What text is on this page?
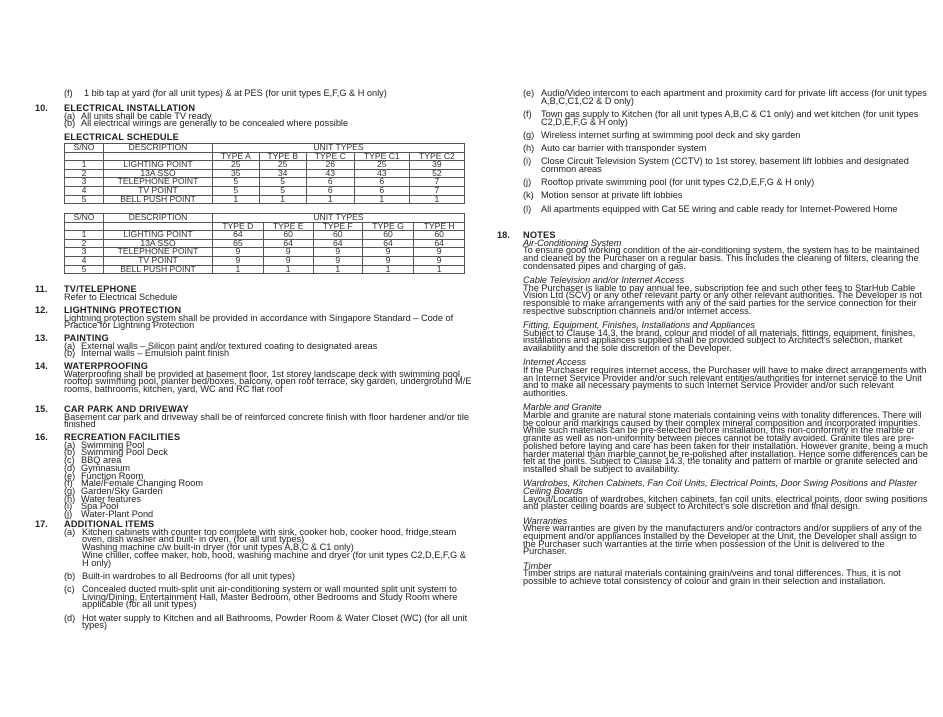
(f)	1 bib tap at yard (for all unit types) & at PES (for unit types E,F,G & H only)
10. ELECTRICAL INSTALLATION
(a) All units shall be cable TV ready
(b) All electrical wirings are generally to be concealed where possible
ELECTRICAL SCHEDULE
S/NO	DESCRIPTION	UNIT TYPES				
		TYPE A	TYPE B	TYPE C	TYPE C1	TYPE C2
1	LIGHTING POINT	25	25	26	25	39
2	13A SSO	35	34	43	43	52
3	TELEPHONE POINT	5	5	6	6	7
4	TV POINT	5	5	6	6	7
5	BELL PUSH POINT	1	1	1	1	1
S/NO	DESCRIPTION	UNIT TYPES				
		TYPE D	TYPE E	TYPE F	TYPE G	TYPE H
1	LIGHTING POINT	64	60	60	60	60
2	13A SSO	65	64	64	64	64
3	TELEPHONE POINT	9	9	9	9	9
4	TV POINT	9	9	9	9	9
5	BELL PUSH POINT	1	1	1	1	1
11. TV/TELEPHONE

Refer to Electrical Schedule

12. LIGHTNING PROTECTION

Lightning protection system shall be provided in accordance with Singapore Standard – Code of Practice for Lightning Protection

13. PAINTING
(a) External walls – Silicon paint and/or textured coating to designated areas
(b) Internal walls – Emulsion paint finish
14. WATERPROOFING

Waterproofing shall be provided at basement floor, 1st storey landscape deck with swimming pool, rooftop swimming pool, planter bed/boxes, balcony, open roof terrace, sky garden, underground M/E rooms, bathrooms, kitchen, yard, WC and RC flat roof

15. CAR PARK AND DRIVEWAY

Basement car park and driveway shall be of reinforced concrete finish with floor hardener and/or tile finished

16. RECREATION FACILITIES
(a) Swimming Pool
(b) Swimming Pool Deck
(c) BBQ area
(d) Gymnasium
(e) Function Room
(f) Male/Female Changing Room
(g) Garden/Sky Garden
(h) Water features
(i) Spa Pool
(j) Water-Plant Pond
17. ADDITIONAL ITEMS
(a) Kitchen cabinets with counter top complete with sink, cooker hob, cooker hood, fridge,steam oven, dish washer and built- in oven, (for all unit types)

Washing machine c/w built-in dryer (for unit types A,B,C & C1 only)

Wine chiller, coffee maker, hob, hood, washing machine and dryer (for unit types C2,D,E,F,G & H only)

(b) Built-in wardrobes to all Bedrooms (for all unit types)

(c) Concealed ducted multi-split unit air-conditioning system or wall mounted split unit system to Living/Dining, Entertainment Hall, Master Bedroom, other Bedrooms and Study Room where applicable (for all unit types)

(d) Hot water supply to Kitchen and all Bathrooms, Powder Room & Water Closet (WC) (for all unit types)

(e) Audio/Video intercom to each apartment and proximity card for private lift access (for unit types A,B,C,C1,C2 & D only)

(f)	Town gas supply to Kitchen (for all unit types A,B,C & C1 only) and wet kitchen (for unit types C2,D,E,F,G & H only)

(g) Wireless internet surfing at swimming pool deck and sky garden

(h) Auto car barrier with transponder system

(i)	Close Circuit Television System (CCTV) to 1st storey, basement lift lobbies and designated common areas

(j)	Rooftop private swimming pool (for unit types C2,D,E,F,G & H only)

(k) Motion sensor at private lift lobbies

(l)	All apartments equipped with Cat 5E wiring and cable ready for Internet-Powered Home

18. NOTES

Air-Conditioning System

To ensure good working condition of the air-conditioning system, the system has to be maintained and cleaned by the Purchaser on a regular basis. This includes the cleaning of filters, clearing the condensated pipes and charging of gas.

Cable Television and/or Internet Access

The Purchaser is liable to pay annual fee, subscription fee and such other fees to StarHub Cable Vision Ltd (SCV) or any other relevant party or any other relevant authorities. The Developer is not responsible to make arrangements with any of the said parties for the service connection for their respective subscription channels and/or internet access.

Fitting, Equipment, Finishes, Installations and Appliances

Subject to Clause 14.3, the brand, colour and model of all materials, fittings, equipment, finishes, installations and appliances supplied shall be provided subject to Architect's selection, market availability and the sole discretion of the Developer.

Internet Access

If the Purchaser requires internet access, the Purchaser will have to make direct arrangements with an Internet Service Provider and/or such relevant entities/authorities for internet service to the Unit and to make all necessary payments to such Internet Service Provider and/or such relevant authorities.

Marble and Granite

Marble and granite are natural stone materials containing veins with tonality differences. There will be colour and markings caused by their complex mineral composition and incorporated impurities. While such materials can be pre-selected before installation, this non-conformity in the marble or granite as well as non-uniformity between pieces cannot be totally avoided. Granite tiles are pre-polished before laying and care has been taken for their installation. However granite, being a much harder material than marble cannot be re-polished after installation. Hence some differences can be felt at the joints. Subject to Clause 14.3, the tonality and pattern of marble or granite selected and installed shall be subject to availability.

Wardrobes, Kitchen Cabinets, Fan Coil Units, Electrical Points, Door Swing Positions and Plaster Ceiling Boards

Layout/Location of wardrobes, kitchen cabinets, fan coil units, electrical points, door swing positions and plaster ceiling boards are subject to Architect's sole discretion and final design.

Warranties

Where warranties are given by the manufacturers and/or contractors and/or suppliers of any of the equipment and/or appliances installed by the Developer at the Unit, the Developer shall assign to the Purchaser such warranties at the time when possession of the Unit is delivered to the Purchaser.

Timber

Timber strips are natural materials containing grain/veins and tonal differences. Thus, it is not possible to achieve total consistency of colour and grain in their selection and installation.
